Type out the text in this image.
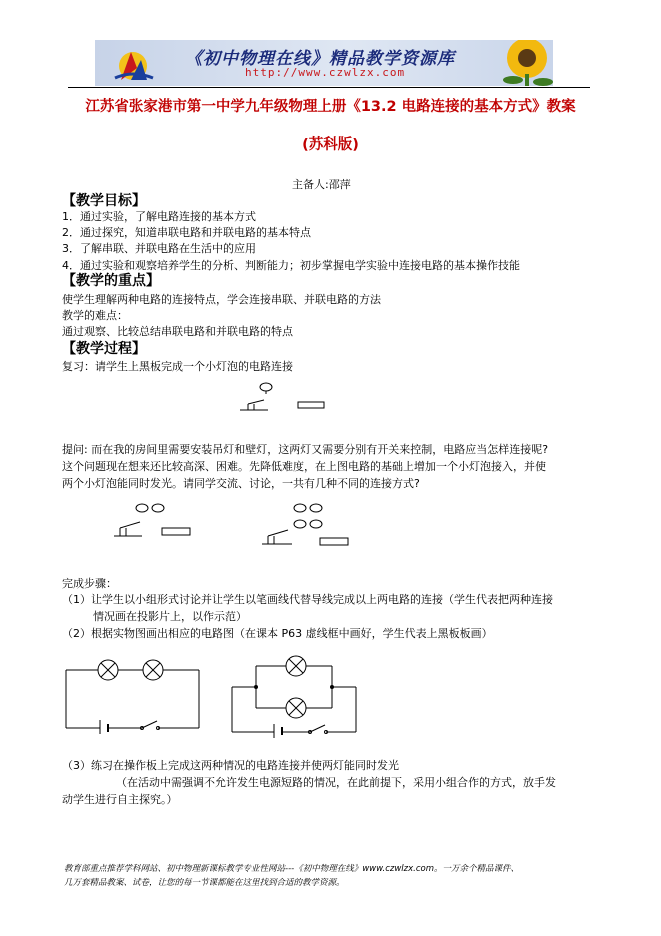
《初中物理在线》精品教学资源库
http://www.czwlzx.com
江苏省张家港市第一中学九年级物理上册《13.2 电路连接的基本方式》教案
(苏科版)
主备人:邵萍
【教学目标】
1．通过实验，了解电路连接的基本方式
2．通过探究，知道串联电路和并联电路的基本特点
3．了解串联、并联电路在生活中的应用
4．通过实验和观察培养学生的分析、判断能力；初步掌握电学实验中连接电路的基本操作技能
【教学的重点】
使学生理解两种电路的连接特点，学会连接串联、并联电路的方法
教学的难点：
通过观察、比较总结串联电路和并联电路的特点
【教学过程】
复习：请学生上黑板完成一个小灯泡的电路连接
提问: 而在我的房间里需要安装吊灯和壁灯，这两灯又需要分别有开关来控制，电路应当怎样连接呢?
这个问题现在想来还比较高深、困难。先降低难度，在上图电路的基础上增加一个小灯泡接入，并使
两个小灯泡能同时发光。请同学交流、讨论，一共有几种不同的连接方式?
完成步骤：
（1）让学生以小组形式讨论并让学生以笔画线代替导线完成以上两电路的连接（学生代表把两种连接
情况画在投影片上，以作示范）
（2）根据实物图画出相应的电路图（在课本 P63 虚线框中画好，学生代表上黑板板画）
（3）练习在操作板上完成这两种情况的电路连接并使两灯能同时发光
（在活动中需强调不允许发生电源短路的情况，在此前提下，采用小组合作的方式，放手发
动学生进行自主探究。）
教育部重点推荐学科网站、初中物理新课标教学专业性网站---《初中物理在线》www.czwlzx.com。一万余个精品课件、
几万套精品教案、试卷，让您的每一节课都能在这里找到合适的教学资源。
